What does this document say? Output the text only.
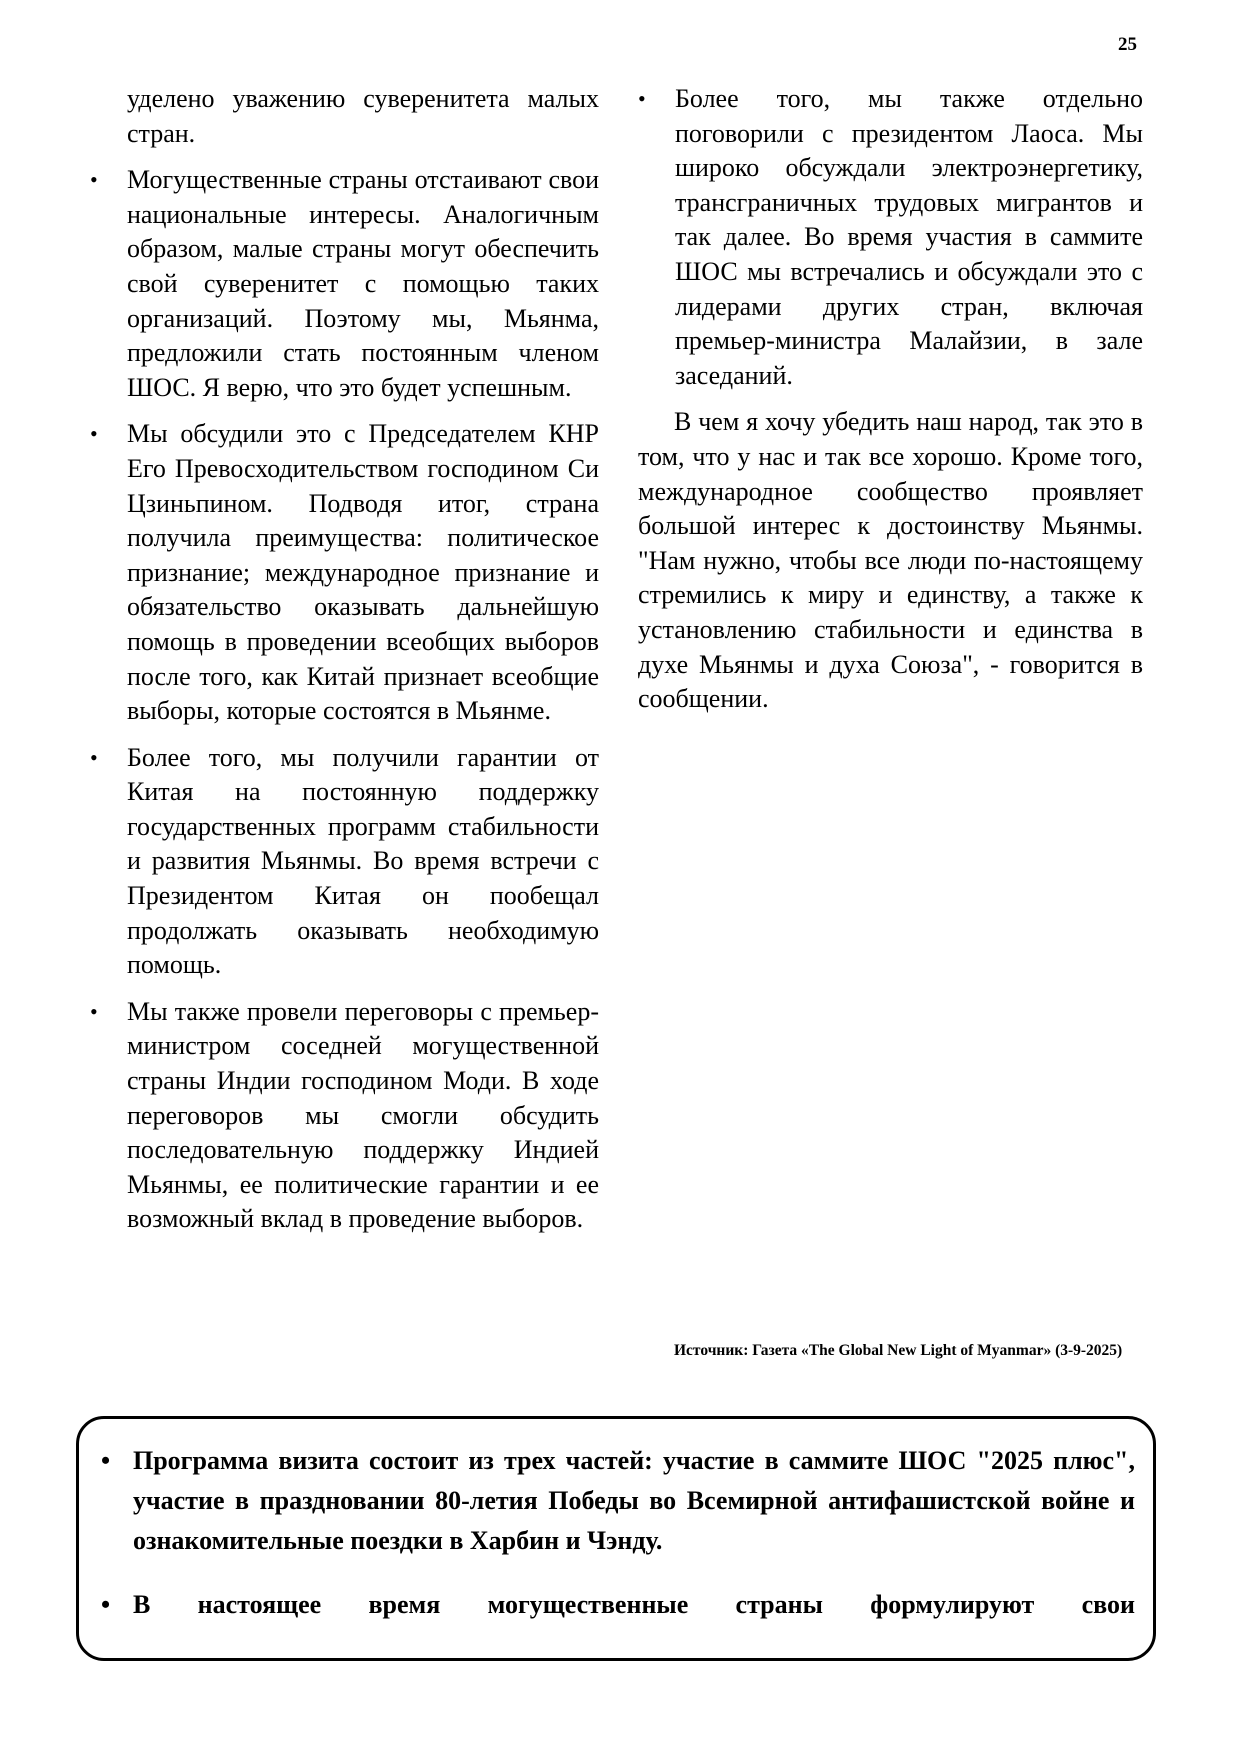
25
уделено уважению суверенитета малых стран.
• Могущественные страны отстаивают свои национальные интересы. Аналогичным образом, малые страны могут обеспечить свой суверенитет с помощью таких организаций. Поэтому мы, Мьянма, предложили стать постоянным членом ШОС. Я верю, что это будет успешным.
• Мы обсудили это с Председателем КНР Его Превосходительством господином Си Цзиньпином. Подводя итог, страна получила преимущества: политическое признание; международное признание и обязательство оказывать дальнейшую помощь в проведении всеобщих выборов после того, как Китай признает всеобщие выборы, которые состоятся в Мьянме.
• Более того, мы получили гарантии от Китая на постоянную поддержку государственных программ стабильности и развития Мьянмы. Во время встречи с Президентом Китая он пообещал продолжать оказывать необходимую помощь.
• Мы также провели переговоры с премьер-министром соседней могущественной страны Индии господином Моди. В ходе переговоров мы смогли обсудить последовательную поддержку Индией Мьянмы, ее политические гарантии и ее возможный вклад в проведение выборов.
• Более того, мы также отдельно поговорили с президентом Лаоса. Мы широко обсуждали электроэнергетику, трансграничных трудовых мигрантов и так далее. Во время участия в саммите ШОС мы встречались и обсуждали это с лидерами других стран, включая премьер-министра Малайзии, в зале заседаний.

В чем я хочу убедить наш народ, так это в том, что у нас и так все хорошо. Кроме того, международное сообщество проявляет большой интерес к достоинству Мьянмы. "Нам нужно, чтобы все люди по-настоящему стремились к миру и единству, а также к установлению стабильности и единства в духе Мьянмы и духа Союза", - говорится в сообщении.

Источник: Газета «The Global New Light of Myanmar» (3-9-2025)
• Программа визита состоит из трех частей: участие в саммите ШОС "2025 плюс", участие в праздновании 80-летия Победы во Всемирной антифашистской войне и ознакомительные поездки в Харбин и Чэнду.
• В настоящее время могущественные страны формулируют свои
